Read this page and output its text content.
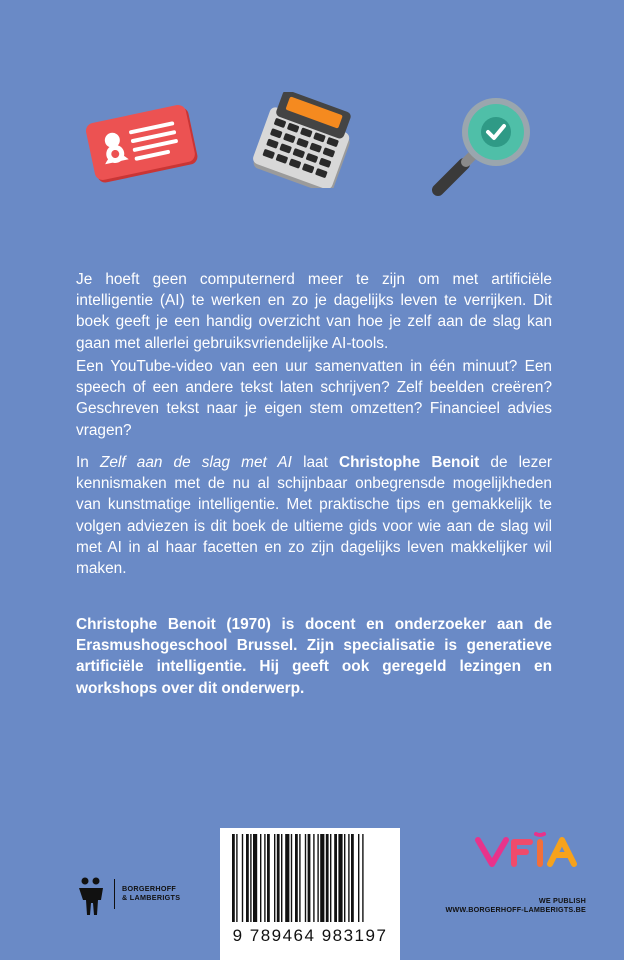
Je hoeft geen computernerd meer te zijn om met artificiële intelligentie (AI) te werken en zo je dagelijks leven te verrijken. Dit boek geeft je een handig overzicht van hoe je zelf aan de slag kan gaan met allerlei gebruiksvriendelijke AI-tools.

Een YouTube-video van een uur samenvatten in één minuut? Een speech of een andere tekst laten schrijven? Zelf beelden creëren? Geschreven tekst naar je eigen stem omzetten? Financieel advies vragen?

In Zelf aan de slag met AI laat Christophe Benoit de lezer kennismaken met de nu al schijnbaar onbegrensde mogelijkheden van kunstmatige intelligentie. Met praktische tips en gemakkelijk te volgen adviezen is dit boek de ultieme gids voor wie aan de slag wil met AI in al haar facetten en zo zijn dagelijks leven makkelijker wil maken.

Christophe Benoit (1970) is docent en onderzoeker aan de Erasmushogeschool Brussel. Zijn specialisatie is generatieve artificiële intelligentie. Hij geeft ook geregeld lezingen en workshops over dit onderwerp.
BORGERHOFF
& LAMBERIGTS
9 789464 983197
WE PUBLISH
WWW.BORGERHOFF-LAMBERIGTS.BE
